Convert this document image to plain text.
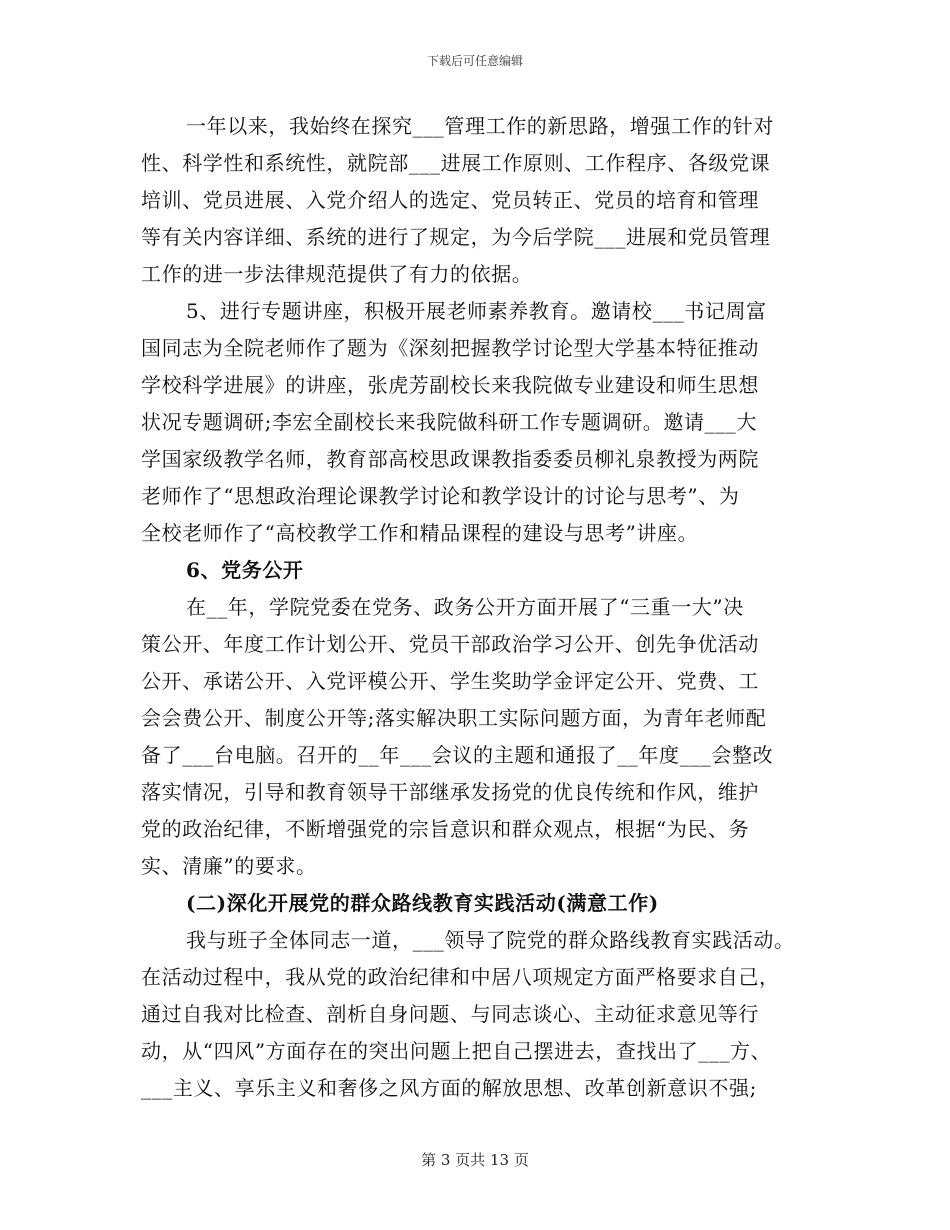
下载后可任意编辑
一年以来，我始终在探究___管理工作的新思路，增强工作的针对
性、科学性和系统性，就院部___进展工作原则、工作程序、各级党课
培训、党员进展、入党介绍人的选定、党员转正、党员的培育和管理
等有关内容详细、系统的进行了规定，为今后学院___进展和党员管理
工作的进一步法律规范提供了有力的依据。
5、进行专题讲座，积极开展老师素养教育。邀请校___书记周富
国同志为全院老师作了题为《深刻把握教学讨论型大学基本特征推动
学校科学进展》的讲座，张虎芳副校长来我院做专业建设和师生思想
状况专题调研;李宏全副校长来我院做科研工作专题调研。邀请___大
学国家级教学名师，教育部高校思政课教指委委员柳礼泉教授为两院
老师作了“思想政治理论课教学讨论和教学设计的讨论与思考”、为
全校老师作了“高校教学工作和精品课程的建设与思考”讲座。
6、党务公开
在__年，学院党委在党务、政务公开方面开展了“三重一大”决
策公开、年度工作计划公开、党员干部政治学习公开、创先争优活动
公开、承诺公开、入党评模公开、学生奖助学金评定公开、党费、工
会会费公开、制度公开等;落实解决职工实际问题方面，为青年老师配
备了___台电脑。召开的__年___会议的主题和通报了__年度___会整改
落实情况，引导和教育领导干部继承发扬党的优良传统和作风，维护
党的政治纪律，不断增强党的宗旨意识和群众观点，根据“为民、务
实、清廉”的要求。
(二)深化开展党的群众路线教育实践活动(满意工作)
我与班子全体同志一道，___领导了院党的群众路线教育实践活动。
在活动过程中，我从党的政治纪律和中居八项规定方面严格要求自己，
通过自我对比检查、剖析自身问题、与同志谈心、主动征求意见等行
动，从“四风”方面存在的突出问题上把自己摆进去，查找出了___方、
___主义、享乐主义和奢侈之风方面的解放思想、改革创新意识不强;
第 3 页共 13 页
